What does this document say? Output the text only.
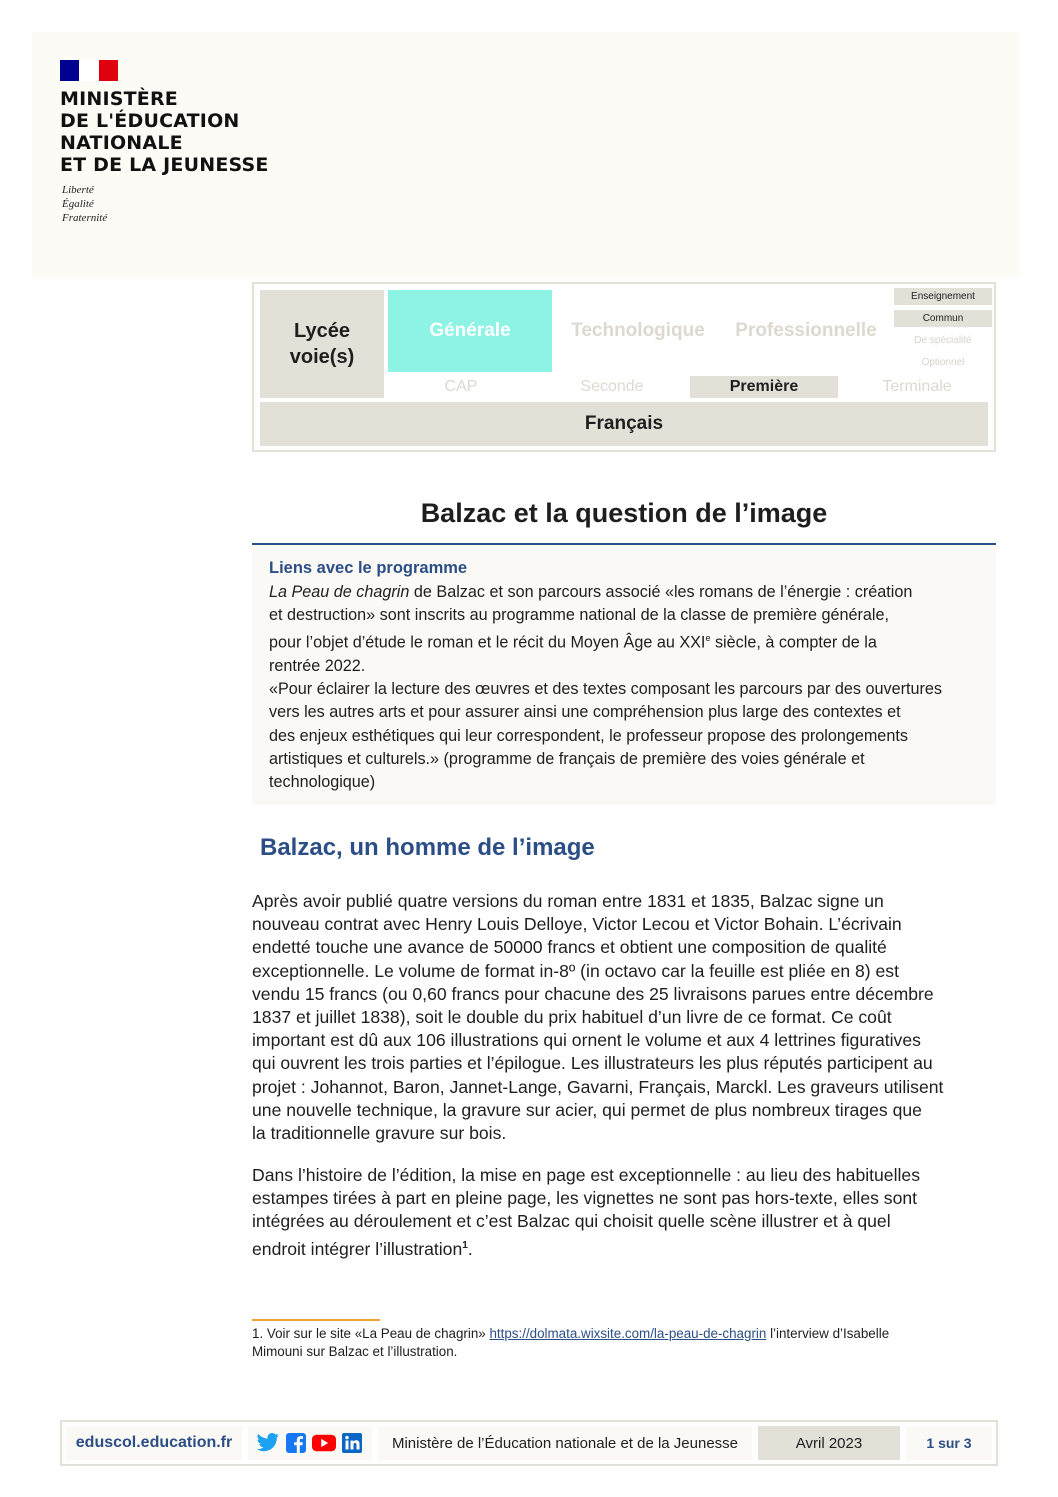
MINISTÈRE
DE L'ÉDUCATION
NATIONALE
ET DE LA JEUNESSE
Liberté
Égalité
Fraternité
Lycée voie(s)
Générale	Technologique	Professionnelle
Enseignement
Commun
De spécialité
Optionnel
CAP	Seconde	Première	Terminale
Français
Balzac et la question de l’image
Liens avec le programme

La Peau de chagrin de Balzac et son parcours associé «les romans de l’énergie : création
et destruction» sont inscrits au programme national de la classe de première générale,
pour l’objet d’étude le roman et le récit du Moyen Âge au XXIe siècle, à compter de la
rentrée 2022.
«Pour éclairer la lecture des œuvres et des textes composant les parcours par des ouvertures
vers les autres arts et pour assurer ainsi une compréhension plus large des contextes et
des enjeux esthétiques qui leur correspondent, le professeur propose des prolongements
artistiques et culturels.» (programme de français de première des voies générale et
technologique)

Balzac, un homme de l’image

Après avoir publié quatre versions du roman entre 1831 et 1835, Balzac signe un
nouveau contrat avec Henry Louis Delloye, Victor Lecou et Victor Bohain. L’écrivain
endetté touche une avance de 50000 francs et obtient une composition de qualité
exceptionnelle. Le volume de format in-8º (in octavo car la feuille est pliée en 8) est
vendu 15 francs (ou 0,60 francs pour chacune des 25 livraisons parues entre décembre
1837 et juillet 1838), soit le double du prix habituel d’un livre de ce format. Ce coût
important est dû aux 106 illustrations qui ornent le volume et aux 4 lettrines figuratives
qui ouvrent les trois parties et l’épilogue. Les illustrateurs les plus réputés participent au
projet : Johannot, Baron, Jannet-Lange, Gavarni, Français, Marckl. Les graveurs utilisent
une nouvelle technique, la gravure sur acier, qui permet de plus nombreux tirages que
la traditionnelle gravure sur bois.

Dans l’histoire de l’édition, la mise en page est exceptionnelle : au lieu des habituelles
estampes tirées à part en pleine page, les vignettes ne sont pas hors-texte, elles sont
intégrées au déroulement et c’est Balzac qui choisit quelle scène illustrer et à quel
endroit intégrer l’illustration$^1$.

1. Voir sur le site «La Peau de chagrin» https://dolmata.wixsite.com/la-peau-de-chagrin l’interview d’Isabelle
Mimouni sur Balzac et l’illustration.

eduscol.education.fr	Ministère de l’Éducation nationale et de la Jeunesse	Avril 2023	1 sur 3
